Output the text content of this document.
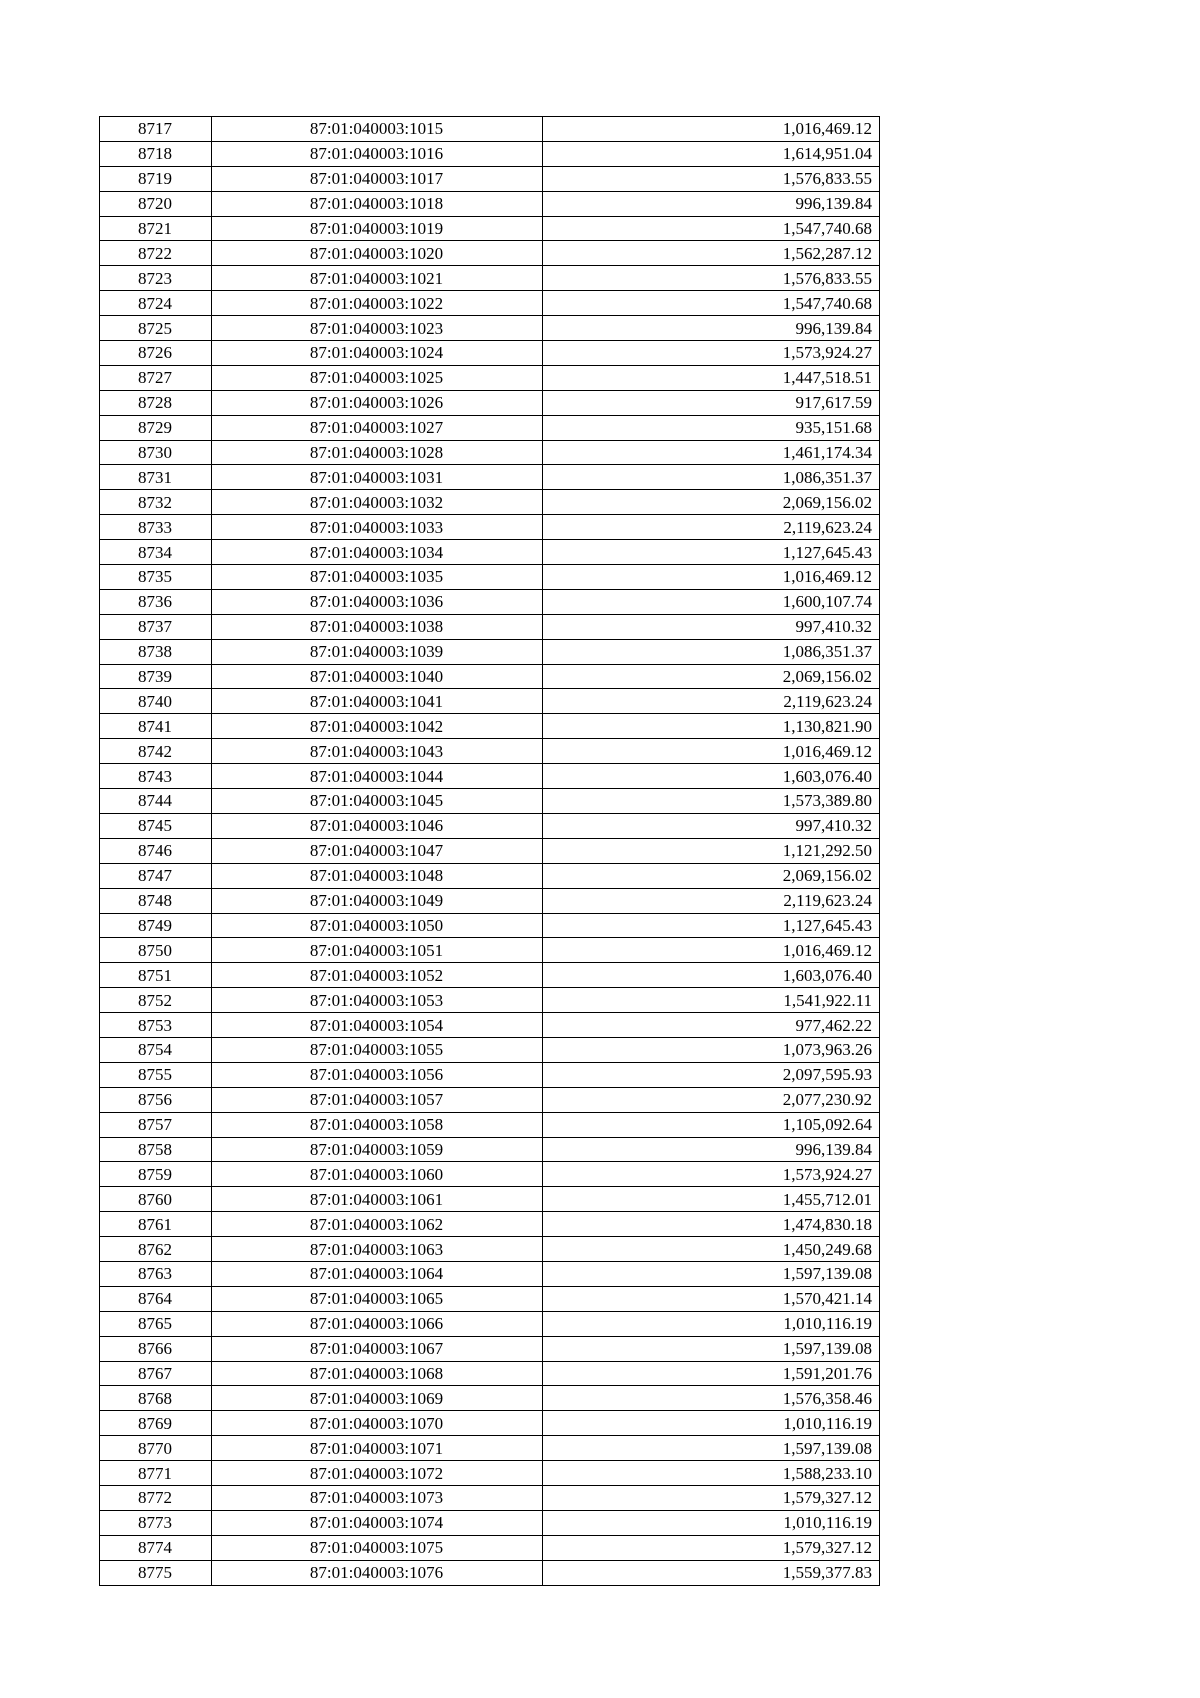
8717	87:01:040003:1015	1,016,469.12
8718	87:01:040003:1016	1,614,951.04
8719	87:01:040003:1017	1,576,833.55
8720	87:01:040003:1018	996,139.84
8721	87:01:040003:1019	1,547,740.68
8722	87:01:040003:1020	1,562,287.12
8723	87:01:040003:1021	1,576,833.55
8724	87:01:040003:1022	1,547,740.68
8725	87:01:040003:1023	996,139.84
8726	87:01:040003:1024	1,573,924.27
8727	87:01:040003:1025	1,447,518.51
8728	87:01:040003:1026	917,617.59
8729	87:01:040003:1027	935,151.68
8730	87:01:040003:1028	1,461,174.34
8731	87:01:040003:1031	1,086,351.37
8732	87:01:040003:1032	2,069,156.02
8733	87:01:040003:1033	2,119,623.24
8734	87:01:040003:1034	1,127,645.43
8735	87:01:040003:1035	1,016,469.12
8736	87:01:040003:1036	1,600,107.74
8737	87:01:040003:1038	997,410.32
8738	87:01:040003:1039	1,086,351.37
8739	87:01:040003:1040	2,069,156.02
8740	87:01:040003:1041	2,119,623.24
8741	87:01:040003:1042	1,130,821.90
8742	87:01:040003:1043	1,016,469.12
8743	87:01:040003:1044	1,603,076.40
8744	87:01:040003:1045	1,573,389.80
8745	87:01:040003:1046	997,410.32
8746	87:01:040003:1047	1,121,292.50
8747	87:01:040003:1048	2,069,156.02
8748	87:01:040003:1049	2,119,623.24
8749	87:01:040003:1050	1,127,645.43
8750	87:01:040003:1051	1,016,469.12
8751	87:01:040003:1052	1,603,076.40
8752	87:01:040003:1053	1,541,922.11
8753	87:01:040003:1054	977,462.22
8754	87:01:040003:1055	1,073,963.26
8755	87:01:040003:1056	2,097,595.93
8756	87:01:040003:1057	2,077,230.92
8757	87:01:040003:1058	1,105,092.64
8758	87:01:040003:1059	996,139.84
8759	87:01:040003:1060	1,573,924.27
8760	87:01:040003:1061	1,455,712.01
8761	87:01:040003:1062	1,474,830.18
8762	87:01:040003:1063	1,450,249.68
8763	87:01:040003:1064	1,597,139.08
8764	87:01:040003:1065	1,570,421.14
8765	87:01:040003:1066	1,010,116.19
8766	87:01:040003:1067	1,597,139.08
8767	87:01:040003:1068	1,591,201.76
8768	87:01:040003:1069	1,576,358.46
8769	87:01:040003:1070	1,010,116.19
8770	87:01:040003:1071	1,597,139.08
8771	87:01:040003:1072	1,588,233.10
8772	87:01:040003:1073	1,579,327.12
8773	87:01:040003:1074	1,010,116.19
8774	87:01:040003:1075	1,579,327.12
8775	87:01:040003:1076	1,559,377.83
